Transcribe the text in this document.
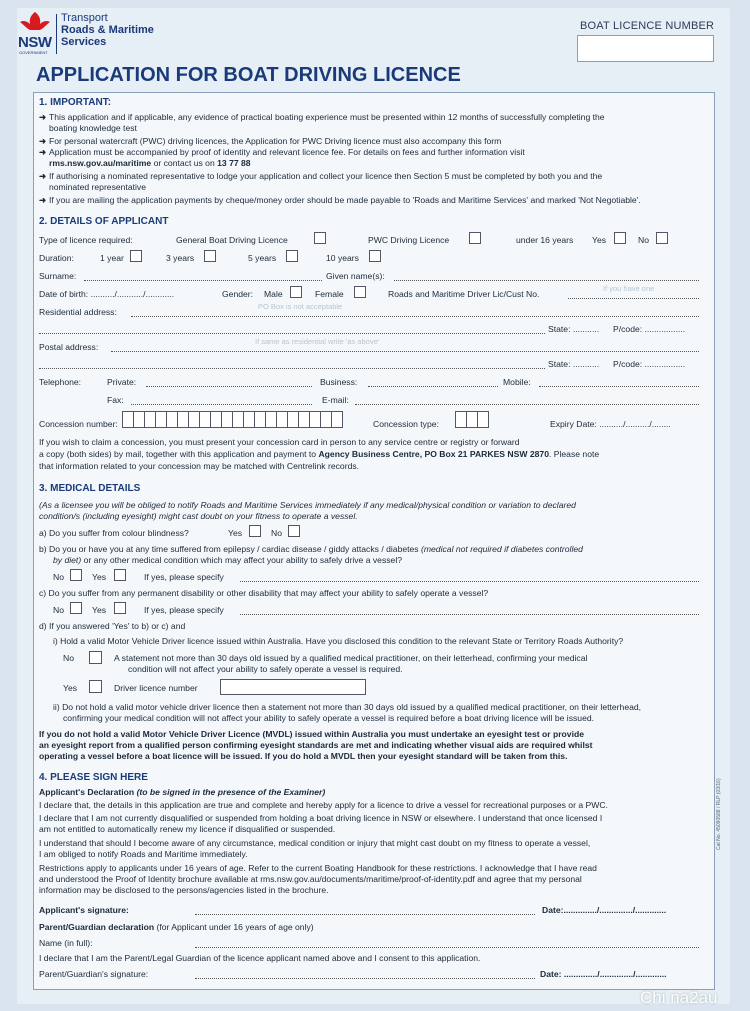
NSW
GOVERNMENT
Transport
Roads & Maritime
Services
BOAT LICENCE NUMBER
APPLICATION FOR BOAT DRIVING LICENCE
1. IMPORTANT:
➜ This application and if applicable, any evidence of practical boating experience must be presented within 12 months of successfully completing the
boating knowledge test
➜ For personal watercraft (PWC) driving licences, the Application for PWC Driving licence must also accompany this form
➜ Application must be accompanied by proof of identity and relevant licence fee. For details on fees and further information visit
rms.nsw.gov.au/maritime or contact us on 13 77 88
➜ If authorising a nominated representative to lodge your application and collect your licence then Section 5 must be completed by both you and the
nominated representative
➜ If you are mailing the application payments by cheque/money order should be made payable to 'Roads and Maritime Services' and marked 'Not Negotiable'.
2. DETAILS OF APPLICANT
Type of licence required:	General Boat Driving Licence	PWC Driving Licence	under 16 years Yes	No
Duration:	1 year	3 years	5 years	10 years
Surname:	Given name(s):
Date of birth: ........../.........../............	Gender: Male	Female	Roads and Maritime Driver Lic/Cust No.
If you have one
Residential address:
PO Box is not acceptable
State: ........... P/code: .................
Postal address:
If same as residential write 'as above'
State: ........... P/code: .................
Telephone:	Private:	Business:	Mobile:
Fax:	E-mail:
Concession number:	Concession type:	Expiry Date: ........../........../........
If you wish to claim a concession, you must present your concession card in person to any service centre or registry or forward
a copy (both sides) by mail, together with this application and payment to Agency Business Centre, PO Box 21 PARKES NSW 2870. Please note
that information related to your concession may be matched with Centrelink records.
3. MEDICAL DETAILS
(As a licensee you will be obliged to notify Roads and Maritime Services immediately if any medical/physical condition or variation to declared
condition/s (including eyesight) might cast doubt on your fitness to operate a vessel.
a) Do you suffer from colour blindness?	Yes	No
b) Do you or have you at any time suffered from epilepsy / cardiac disease / giddy attacks / diabetes (medical not required if diabetes controlled
by diet) or any other medical condition which may affect your ability to safely drive a vessel?
No	Yes	If yes, please specify
c) Do you suffer from any permanent disability or other disability that may affect your ability to safely operate a vessel?
No	Yes	If yes, please specify
d) If you answered 'Yes' to b) or c) and
i) Hold a valid Motor Vehicle Driver licence issued within Australia. Have you disclosed this condition to the relevant State or Territory Roads Authority?
No	A statement not more than 30 days old issued by a qualified medical practitioner, on their letterhead, confirming your medical
condition will not affect your ability to safely operate a vessel is required.
Yes	Driver licence number
ii) Do not hold a valid motor vehicle driver licence then a statement not more than 30 days old issued by a qualified medical practitioner, on their letterhead,
confirming your medical condition will not affect your ability to safely operate a vessel is required before a boat driving licence will be issued.
If you do not hold a valid Motor Vehicle Driver Licence (MVDL) issued within Australia you must undertake an eyesight test or provide
an eyesight report from a qualified person confirming eyesight standards are met and indicating whether visual aids are required whilst
operating a vessel before a boat licence will be issued. If you do hold a MVDL then your eyesight standard will be taken from this.
4. PLEASE SIGN HERE
Applicant's Declaration (to be signed in the presence of the Examiner)
I declare that, the details in this application are true and complete and hereby apply for a licence to drive a vessel for recreational purposes or a PWC.
I declare that I am not currently disqualified or suspended from holding a boat driving licence in NSW or elsewhere. I understand that once licensed I
am not entitled to automatically renew my licence if disqualified or suspended.
I understand that should I become aware of any circumstance, medical condition or injury that might cast doubt on my fitness to operate a vessel,
I am obliged to notify Roads and Maritime immediately.
Restrictions apply to applicants under 16 years of age. Refer to the current Boating Handbook for these restrictions. I acknowledge that I have read
and understood the Proof of Identity brochure available at rms.nsw.gov.au/documents/maritime/proof-of-identity.pdf and agree that my personal
information may be disclosed to the persons/agencies listed in the brochure.
Applicant's signature:	Date:............../............../.............
Parent/Guardian declaration (for Applicant under 16 years of age only)
Name (in full):
I declare that I am the Parent/Legal Guardian of the licence applicant named above and I consent to this application.
Parent/Guardian's signature:	Date: ............../............../.............
Cat No. 45090588 / RLP (03/16)
Chi na2au
